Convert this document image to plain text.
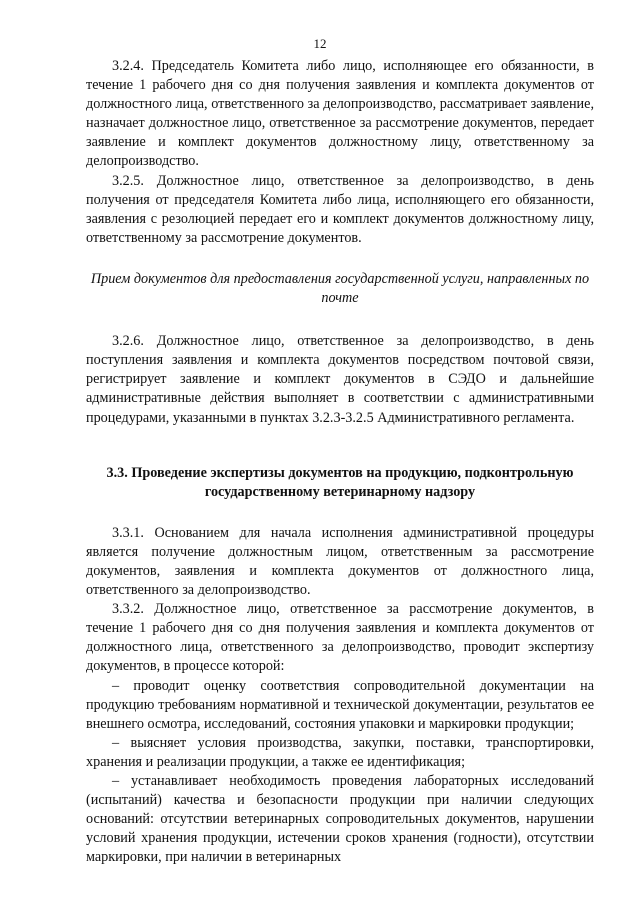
12

3.2.4. Председатель Комитета либо лицо, исполняющее его обязанности, в течение 1 рабочего дня со дня получения заявления и комплекта документов от должностного лица, ответственного за делопроизводство, рассматривает заявление, назначает должностное лицо, ответственное за рассмотрение документов, передает заявление и комплект документов должностному лицу, ответственному за делопроизводство.

3.2.5. Должностное лицо, ответственное за делопроизводство, в день получения от председателя Комитета либо лица, исполняющего его обязанности, заявления с резолюцией передает его и комплект документов должностному лицу, ответственному за рассмотрение документов.

Прием документов для предоставления государственной услуги, направленных по почте

3.2.6. Должностное лицо, ответственное за делопроизводство, в день поступления заявления и комплекта документов посредством почтовой связи, регистрирует заявление и комплект документов в СЭДО и дальнейшие административные действия выполняет в соответствии с административными процедурами, указанными в пунктах 3.2.3-3.2.5 Административного регламента.

3.3. Проведение экспертизы документов на продукцию, подконтрольную государственному ветеринарному надзору

3.3.1. Основанием для начала исполнения административной процедуры является получение должностным лицом, ответственным за рассмотрение документов, заявления и комплекта документов от должностного лица, ответственного за делопроизводство.

3.3.2. Должностное лицо, ответственное за рассмотрение документов, в течение 1 рабочего дня со дня получения заявления и комплекта документов от должностного лица, ответственного за делопроизводство, проводит экспертизу документов, в процессе которой:

– проводит оценку соответствия сопроводительной документации на продукцию требованиям нормативной и технической документации, результатов ее внешнего осмотра, исследований, состояния упаковки и маркировки продукции;

– выясняет условия производства, закупки, поставки, транспортировки, хранения и реализации продукции, а также ее идентификация;

– устанавливает необходимость проведения лабораторных исследований (испытаний) качества и безопасности продукции при наличии следующих оснований: отсутствии ветеринарных сопроводительных документов, нарушении условий хранения продукции, истечении сроков хранения (годности), отсутствии маркировки, при наличии в ветеринарных
